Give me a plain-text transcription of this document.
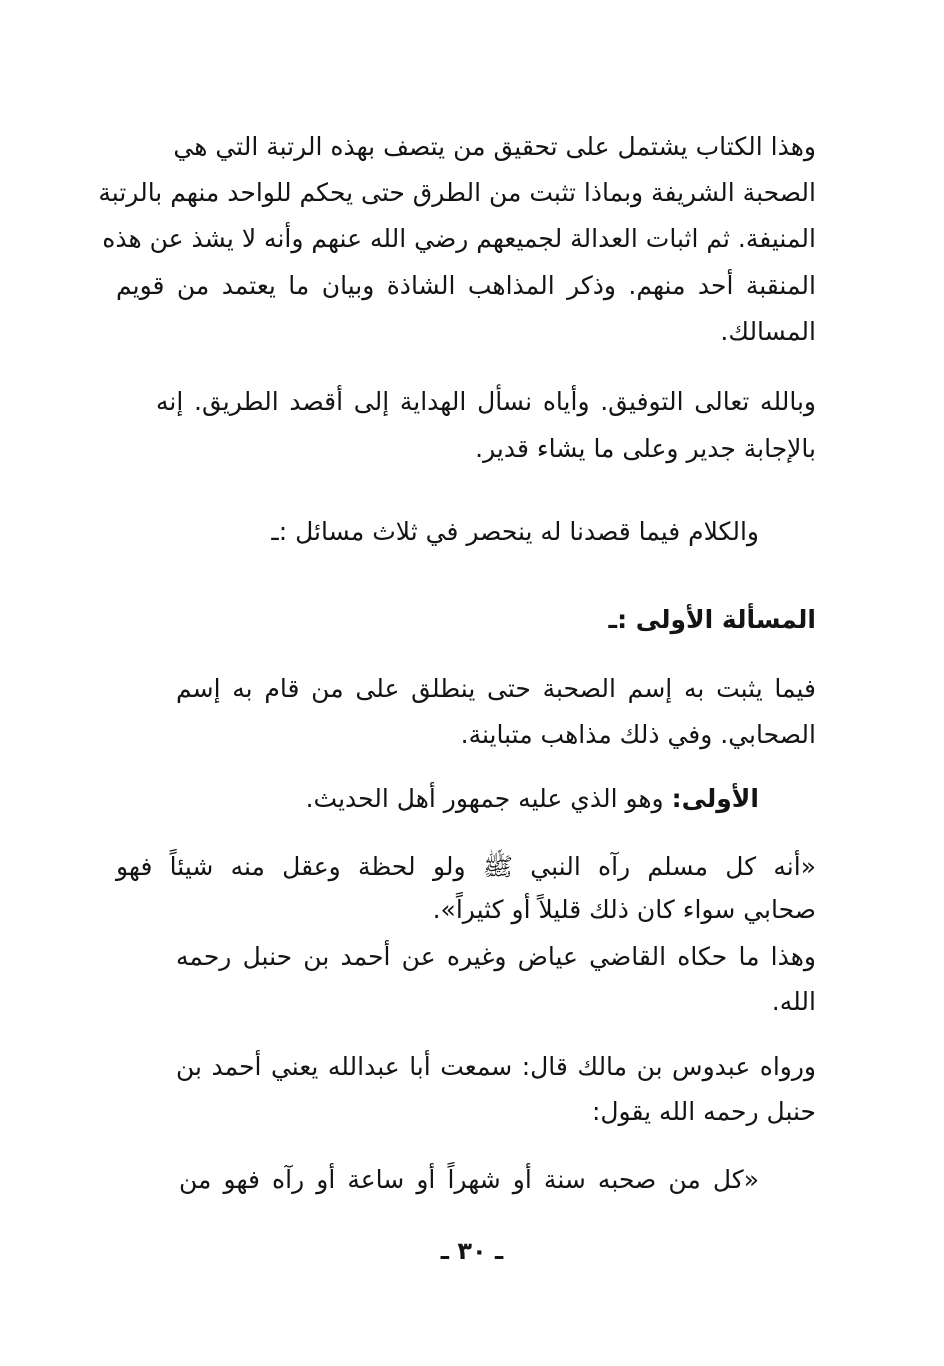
وهذا الكتاب يشتمل على تحقيق من يتصف بهذه الرتبة التي هي
الصحبة الشريفة وبماذا تثبت من الطرق حتى يحكم للواحد منهم بالرتبة
المنيفة. ثم اثبات العدالة لجميعهم رضي الله عنهم وأنه لا يشذ عن هذه
المنقبة أحد منهم. وذكر المذاهب الشاذة وبيان ما يعتمد من قويم
المسالك.
وبالله تعالى التوفيق. وأياه نسأل الهداية إلى أقصد الطريق. إنه
بالإجابة جدير وعلى ما يشاء قدير.
والكلام فيما قصدنا له ينحصر في ثلاث مسائل :ـ
المسألة الأولى :ـ
فيما يثبت به إسم الصحبة حتى ينطلق على من قام به إسم
الصحابي. وفي ذلك مذاهب متباينة.
الأولى: وهو الذي عليه جمهور أهل الحديث.
«أنه كل مسلم رآه النبي ﷺ ولو لحظة وعقل منه شيئاً فهو
صحابي سواء كان ذلك قليلاً أو كثيراً».
وهذا ما حكاه القاضي عياض وغيره عن أحمد بن حنبل رحمه
الله.
ورواه عبدوس بن مالك قال: سمعت أبا عبدالله يعني أحمد بن
حنبل رحمه الله يقول:
«كل من صحبه سنة أو شهراً أو ساعة أو رآه فهو من
ـ ٣٠ ـ
